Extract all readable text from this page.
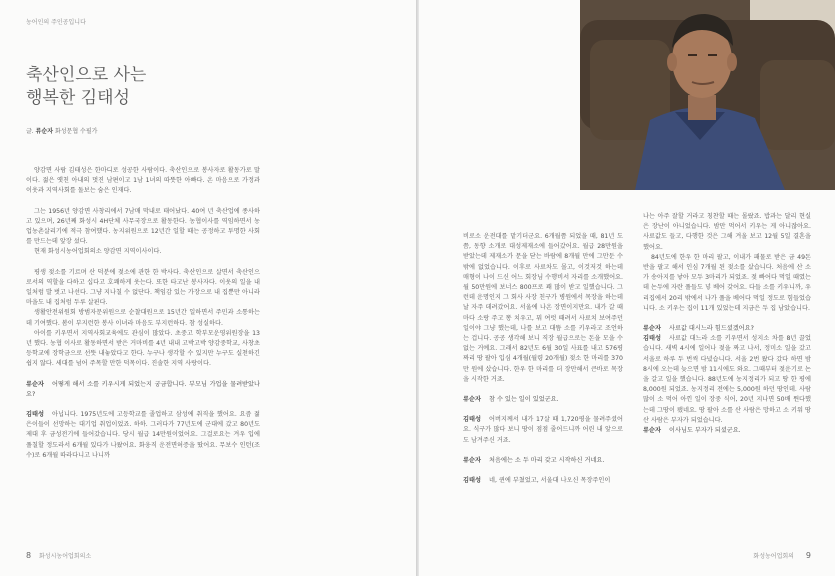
농어인의 주인공입니다
축산인으로 사는
행복한 김태성
글. 류순자 화성문협 수필가

양감면 사람 김태성은 한마디로 성공한 사람이다. 축산인으로 봉사자로 활동가로 말이다. 젊은 옛친 아내의 멋진 남편이고 1남 1녀의 따뜻한 아빠다. 온 마음으로 가정과 이웃과 지역사회를 돌보는 숨은 인재다.

그는 1956년 양감면 사창리에서 7남매 막내로 태어났다. 40여 년 축산업에 종사하고 있으며, 26년째 화성시 4H단체 사무국장으로 활동한다. 농협이사를 역임하면서 농업농촌살리기에 적극 참여했다. 농지위원으로 12년간 일할 때는 공정하고 투명한 사회를 만드는데 앞장 섰다.

현재 화성시농어업회의소 양감면 지역이사이다.

평생 젖소를 기르며 산 덕분에 젖소에 관한 한 박사다. 축산인으로 살면서 축산인으로서의 역할을 다하고 십다고 호쾌하게 웃는다. 또한 타고난 봉사자다. 이웃의 일을 내 일처럼 발 벗고 나선다. 그냥 지나칠 수 없단다. 책임감 있는 가장으로 내 집뿐만 아니라 마을도 내 집처럼 두루 살핀다.

생활안전위원회 방범자문위원으로 순찰대원으로 15년간 일하면서 주민과 소통하는데 기여했다. 봄이 부지런한 봉사 이녀라 마음도 부지런하다. 참 성실하다.

아이를 키우면서 지역사회교육에도 관심이 많았다. 초중고 학부모운영위원장을 13년 했다. 농협 이사로 활동하면서 받은 거마비를 4년 내내 고박고박 양감중학교, 사창초등학교에 장학금으로 선뜻 내놓았다고 한다. 누구나 생각할 수 있지만 누구도 실천하긴 쉽지 않다. 세대를 넘어 주목할 만한 덕목이다. 진솔한 지역 사랑이다.

류순자 어떻게 해서 소를 키우시게 되었는지 궁금합니다. 부모님 가업을 물려받았나요?

김태성 아닙니다. 1975년도에 고등학교를 졸업하고 삼성에 취직을 했어요. 요즘 젊은이들이 선망하는 대기업 취업이었죠. 하하. 그러다가 77년도에 군대에 갔고 80년도 제대 후 금성전기에 들어갔습니다. 당시 월급 14만원이었어요. 그걸로요는 겨우 입에 풀칠할 정도라서 6개월 있다가 나왔어요. 화웅직 운전면허증을 땄어요. 무보수 인턴(조수)로 6개월 따라다니고 나니까

8 화성시농어업회의소

비로소 운전대를 맡기더군요. 6개월쯤 되었을 때, 81년 도쯤, 동향 소개로 대성제재소에 들어갔어요. 월급 28만원을 받았는데 제재소가 문을 닫는 바람에 8개월 만에 그만둔 수밖에 없었습니다. 이후로 사료차도 몰고, 이것저것 하는데 매형이 나이 드신 어느 회장님 수행비서 자리를 소개했어요. 월 50만원에 보너스 800프로 꽤 많이 받고 일했습니다. 그런데 운명인지 그 회사 사장 친구가 병원에서 목장을 하는데 날 자주 데려갔어요. 서울에 나온 장면이지만요. 내가 갈 때마다 소랑 주고 똥 치우고, 뭐 여럿 때려서 사료치 보여주던 일이야 그냥 했는데, 나를 보고 대뜸 소를 키우라고 조언하는 겁니다. 공공 생각해 보니 직장 월급으로는 돈을 모을 수 없는 거예요. 그래서 82년도 6월 30일 사표를 내고 576평짜리 땅 팔아 입심 4개월(월령 20개월) 젖소 한 마리를 370만 원에 샀습니다. 한우 한 마리를 더 장만해서 큰바로 목장을 시작한 거죠.

류순자 참 수 있는 일이 있었군요.

김태성 어버지께서 내가 17살 때 1,720평을 물려주셨어요. 식구가 많다 보니 땅이 점점 줄어드니까 어린 내 앞으로도 남겨주신 거죠.

류순자 처음에는 소 두 마리 갖고 시작하신 거네요.

김태성 네, 퀸에 부쳤었고, 서울대 나오신 목장주인이

나는 아주 잘할 거라고 칭찬할 때는 몰랐죠. 밥과는 달리 현실은 장난이 아니었습니다. 밤만 먹어서 키우는 게 아니잖아요. 사료값도 들고, 다행한 것은 그해 겨울 보고 12월 5일 결혼을 했어요.

84년도에 한우 한 마리 팔고, 이내가 패물로 받은 금 49돈 반을 팔고 해서 인심 7개월 된 젖소를 샀습니다. 처음에 산 소가 송아지를 낳아 모두 3마리가 되었죠. 젖 빠어다 먹일 때였는데 논두에 자란 풀들도 넣 베어 갖어요. 다들 소를 키우니까, 우리집에서 20리 밖에서 나가 풀을 베어다 먹일 정도로 힘들었습니다. 소 키우는 집이 11개 있었는데 지금은 두 집 남았습니다.

류순자 사료값 대시느라 힘드셨겠어요?

김태성 사료값 대느라 소를 키우면서 성지소 차를 8년 끌었습니다. 새벽 4시에 일어나 젖을 짜고 나서, 정미소 일을 갔고 서울로 하루 두 번씩 다녔습니다. 서울 2번 왔다 갔다 하면 밤 8시에 오는데 늦으면 밤 11시에도 와요. 그때부터 젖운기로 논을 갈고 일을 했습니다. 88년도에 농지정리가 되고 땅 한 평에 8,000원 되었죠. 농지정리 전에는 5,000원 하던 땅인데. 사람 많이 소 먹어 아낀 일이 장중 식어, 20년 지나면 50배 뛴다했는데 그땅이 됐네요. 땅 팔아 소를 산 사람은 망하고 소 키워 땅 산 사람은 부자가 되었습니다.

류순자 이사님도 부자가 되셨군요.

화성농어업회의 9
